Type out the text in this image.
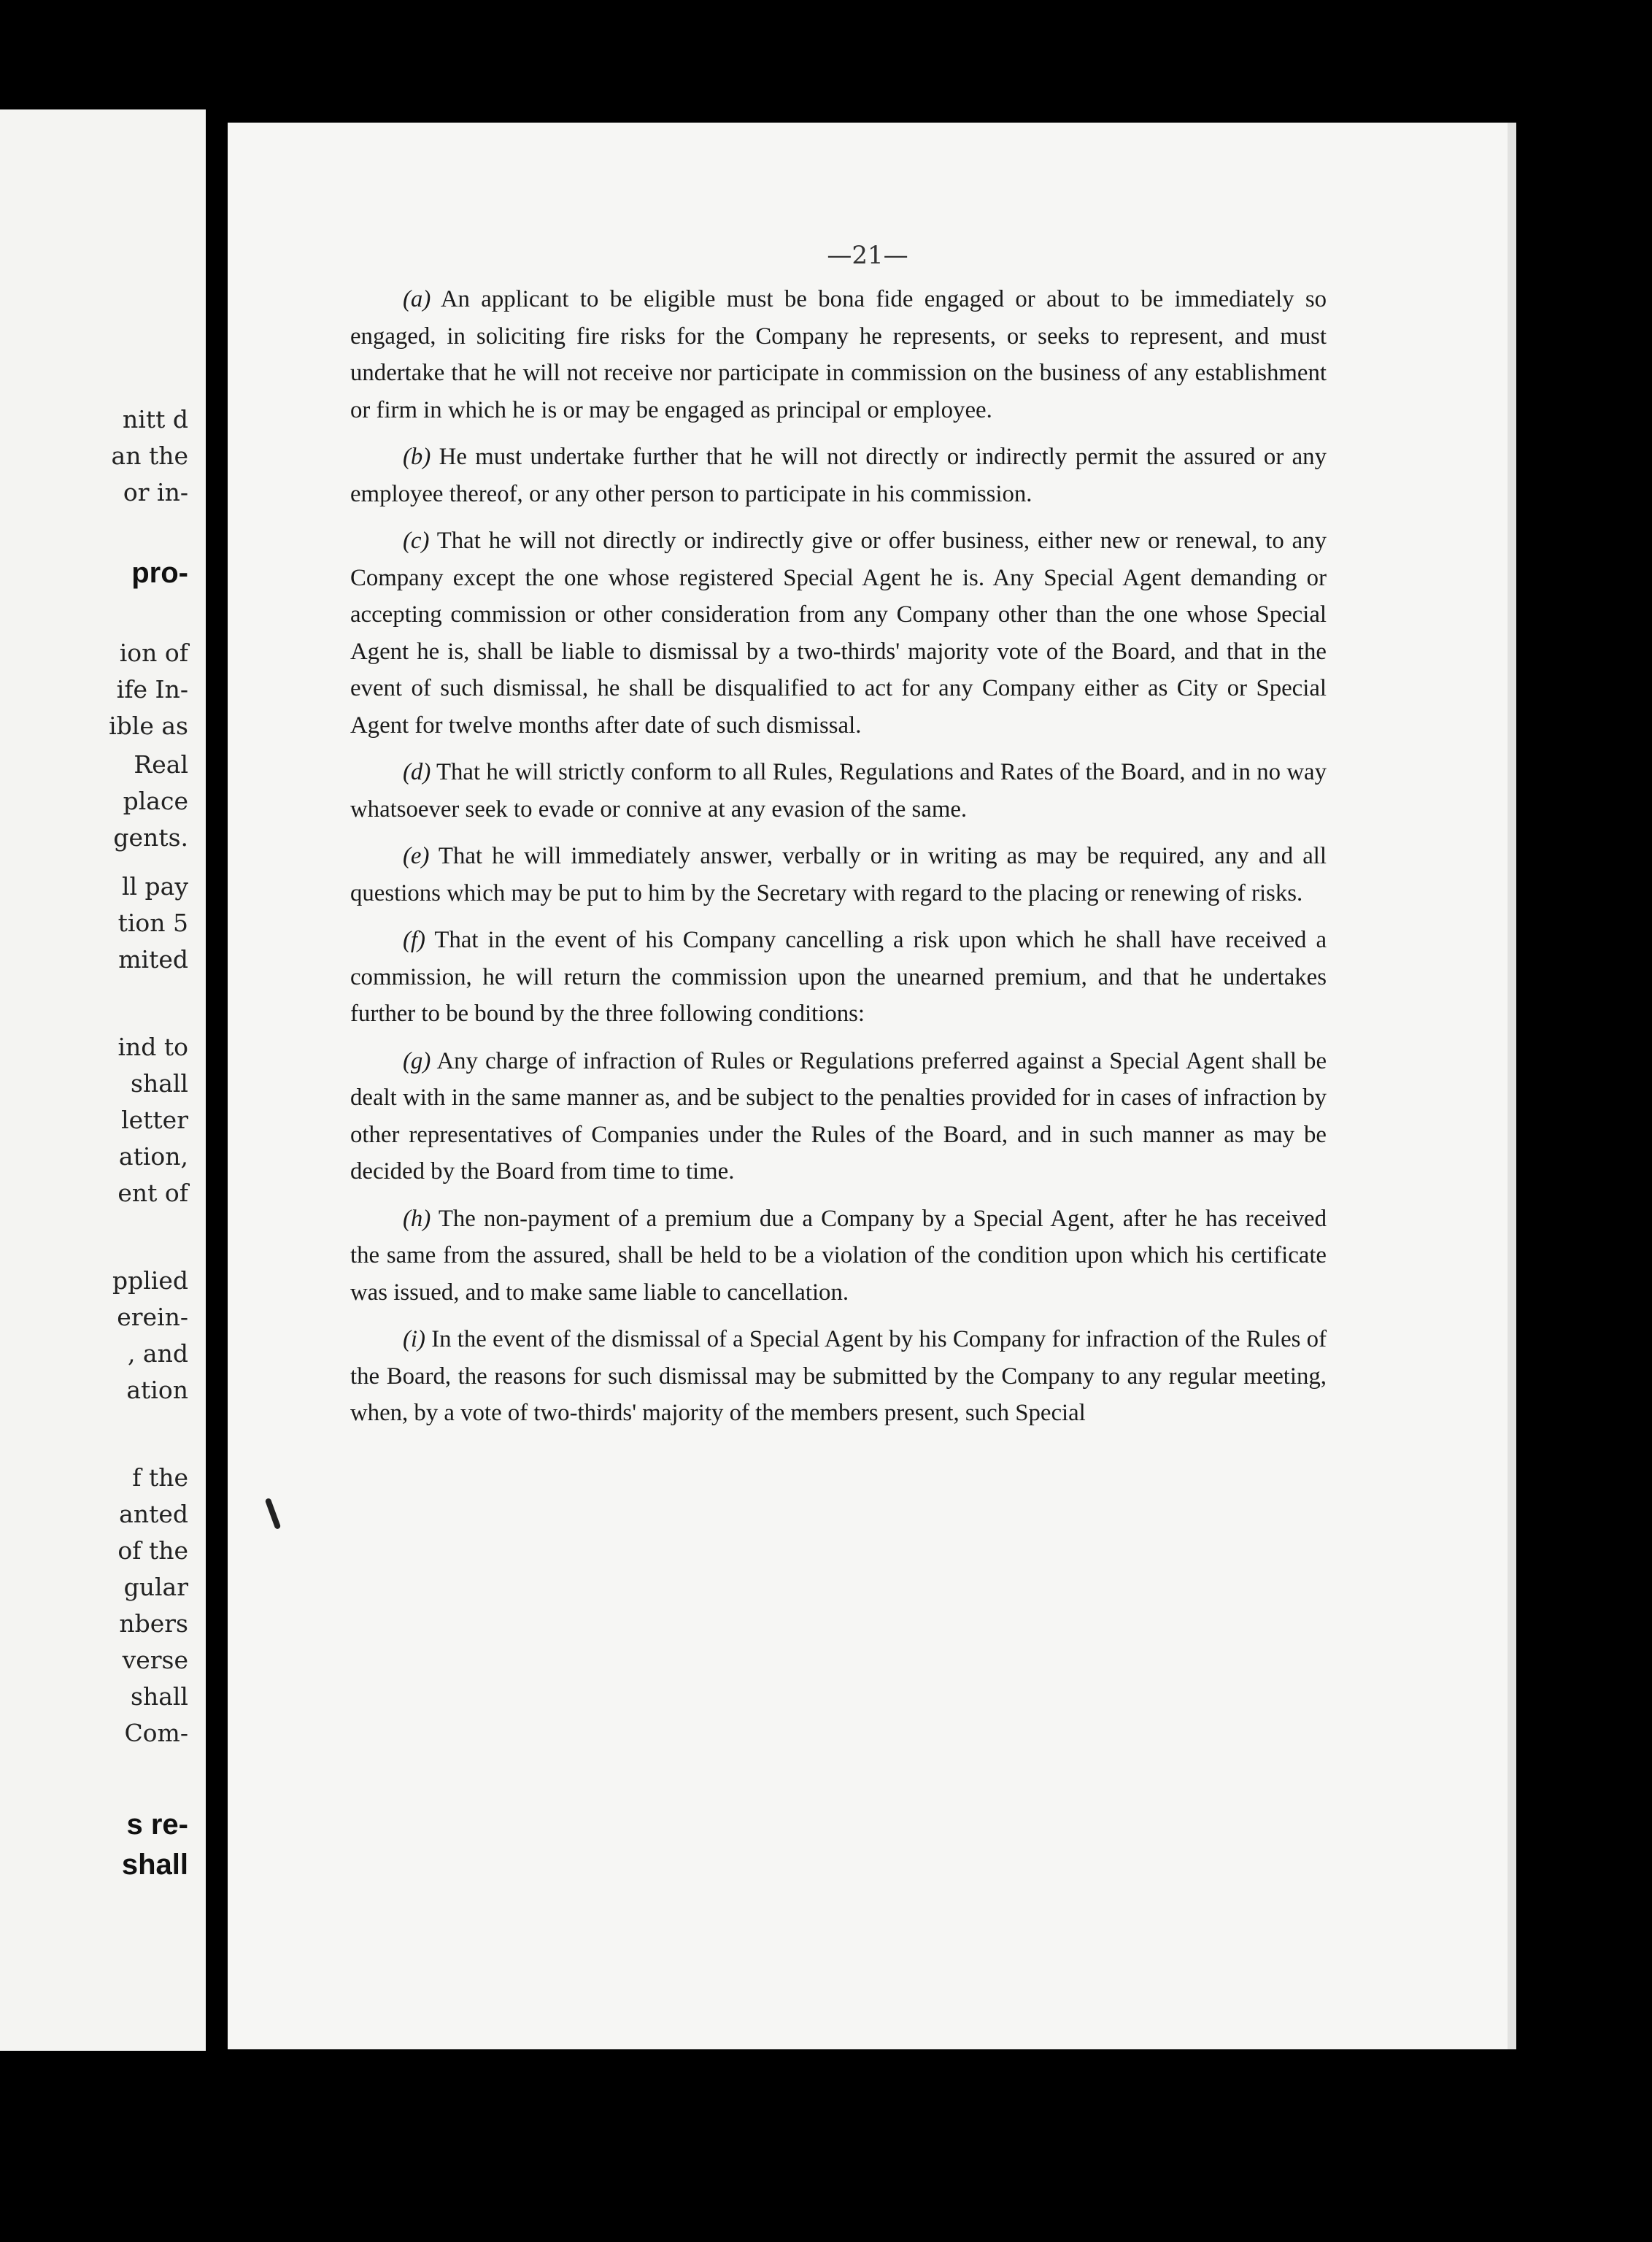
nitt d
an the
or in-
pro-
ion of
ife In-
ible as
Real
place
gents.
ll pay
tion 5
mited
ind to
shall
letter
ation,
ent of
pplied
erein-
, and
ation
f the
anted
of the
gular
nbers
verse
shall
Com-
s re-
shall
—21—

(a) An applicant to be eligible must be bona fide engaged or about to be immediately so engaged, in soliciting fire risks for the Company he represents, or seeks to represent, and must undertake that he will not receive nor participate in commission on the business of any establishment or firm in which he is or may be engaged as principal or employee.

(b) He must undertake further that he will not directly or indirectly permit the assured or any employee thereof, or any other person to participate in his commission.

(c) That he will not directly or indirectly give or offer business, either new or renewal, to any Company except the one whose registered Special Agent he is. Any Special Agent demanding or accepting commission or other consideration from any Company other than the one whose Special Agent he is, shall be liable to dismissal by a two-thirds' majority vote of the Board, and that in the event of such dismissal, he shall be disqualified to act for any Company either as City or Special Agent for twelve months after date of such dismissal.

(d) That he will strictly conform to all Rules, Regulations and Rates of the Board, and in no way whatsoever seek to evade or connive at any evasion of the same.

(e) That he will immediately answer, verbally or in writing as may be required, any and all questions which may be put to him by the Secretary with regard to the placing or renewing of risks.

(f) That in the event of his Company cancelling a risk upon which he shall have received a commission, he will return the commission upon the unearned premium, and that he undertakes further to be bound by the three following conditions:

(g) Any charge of infraction of Rules or Regulations preferred against a Special Agent shall be dealt with in the same manner as, and be subject to the penalties provided for in cases of infraction by other representatives of Companies under the Rules of the Board, and in such manner as may be decided by the Board from time to time.

(h) The non-payment of a premium due a Company by a Special Agent, after he has received the same from the assured, shall be held to be a violation of the condition upon which his certificate was issued, and to make same liable to cancellation.

(i) In the event of the dismissal of a Special Agent by his Company for infraction of the Rules of the Board, the reasons for such dismissal may be submitted by the Company to any regular meeting, when, by a vote of two-thirds' majority of the members present, such Special
